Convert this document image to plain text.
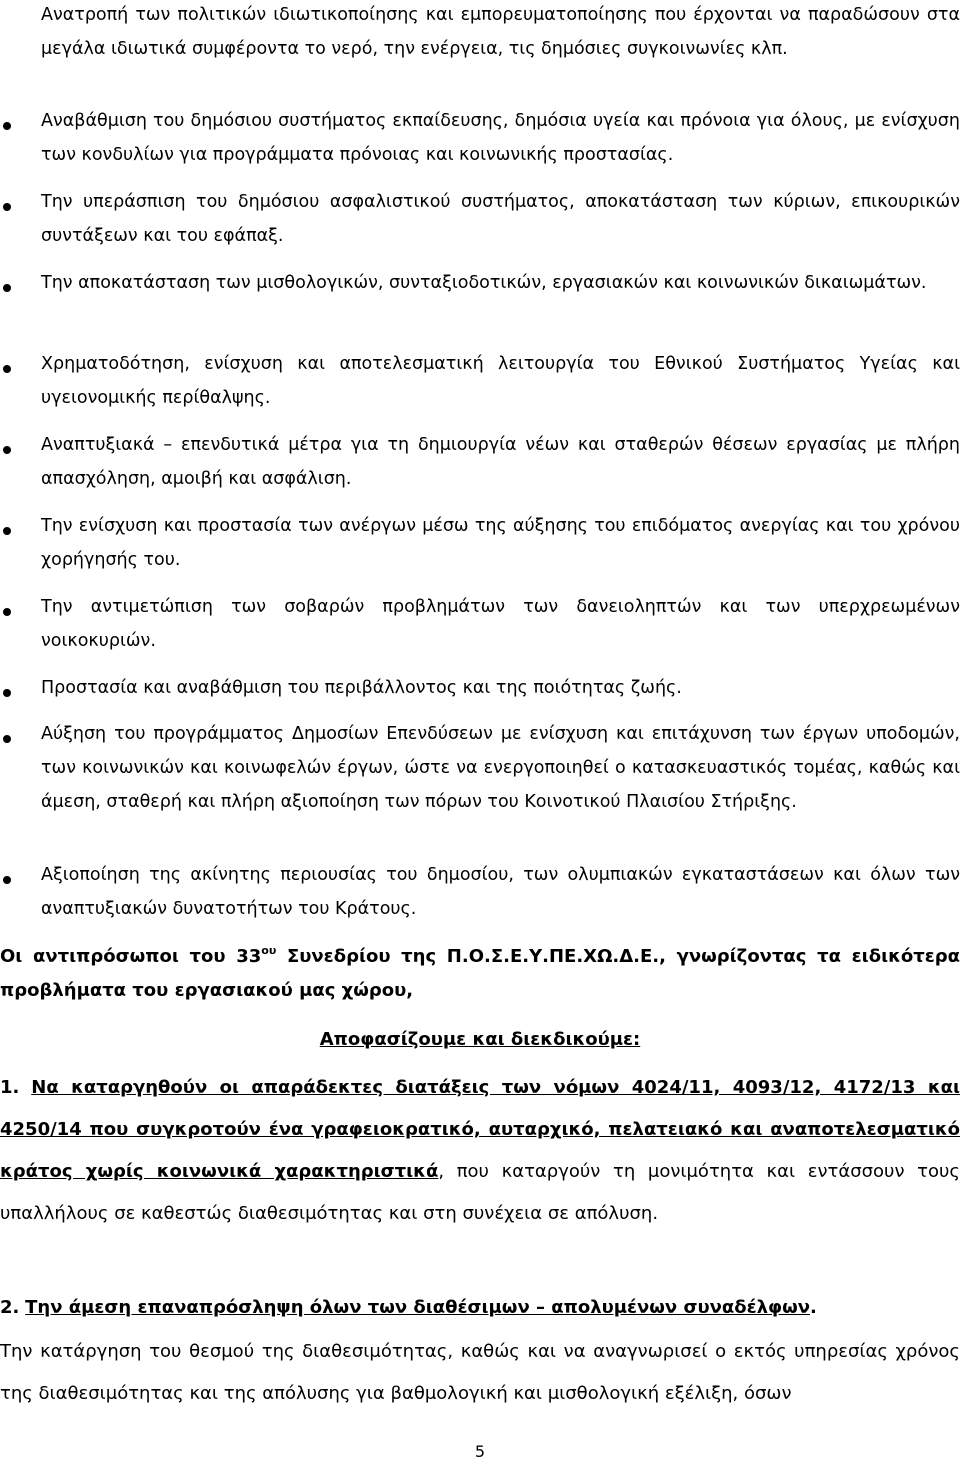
Ανατροπή των πολιτικών ιδιωτικοποίησης και εμπορευματοποίησης που έρχονται να παραδώσουν στα μεγάλα ιδιωτικά συμφέροντα το νερό, την ενέργεια, τις δημόσιες συγκοινωνίες κλπ.
Αναβάθμιση του δημόσιου συστήματος εκπαίδευσης, δημόσια υγεία και πρόνοια για όλους, με ενίσχυση των κονδυλίων για προγράμματα πρόνοιας και κοινωνικής προστασίας.
Την υπεράσπιση του δημόσιου ασφαλιστικού συστήματος, αποκατάσταση των κύριων, επικουρικών συντάξεων και του εφάπαξ.
Την αποκατάσταση των μισθολογικών, συνταξιοδοτικών, εργασιακών και κοινωνικών δικαιωμάτων.
Χρηματοδότηση, ενίσχυση και αποτελεσματική λειτουργία του Εθνικού Συστήματος Υγείας και υγειονομικής περίθαλψης.
Αναπτυξιακά – επενδυτικά μέτρα για τη δημιουργία νέων και σταθερών θέσεων εργασίας με πλήρη απασχόληση, αμοιβή και ασφάλιση.
Την ενίσχυση και προστασία των ανέργων μέσω της αύξησης του επιδόματος ανεργίας και του χρόνου χορήγησής του.
Την αντιμετώπιση των σοβαρών προβλημάτων των δανειοληπτών και των υπερχρεωμένων νοικοκυριών.
Προστασία και αναβάθμιση του περιβάλλοντος και της ποιότητας ζωής.
Αύξηση του προγράμματος Δημοσίων Επενδύσεων με ενίσχυση και επιτάχυνση των έργων υποδομών, των κοινωνικών και κοινωφελών έργων, ώστε να ενεργοποιηθεί ο κατασκευαστικός τομέας, καθώς και άμεση, σταθερή και πλήρη αξιοποίηση των πόρων του Κοινοτικού Πλαισίου Στήριξης.
Αξιοποίηση της ακίνητης περιουσίας του δημοσίου, των ολυμπιακών εγκαταστάσεων και όλων των αναπτυξιακών δυνατοτήτων του Κράτους.
Οι αντιπρόσωποι του $33^{o\upsilon}$ Συνεδρίου της Π.Ο.Σ.Ε.Υ.ΠΕ.ΧΩ.Δ.Ε., γνωρίζοντας τα ειδικότερα προβλήματα του εργασιακού μας χώρου,
Αποφασίζουμε και διεκδικούμε:
1. Να καταργηθούν οι απαράδεκτες διατάξεις των νόμων 4024/11, 4093/12, 4172/13 και 4250/14 που συγκροτούν ένα γραφειοκρατικό, αυταρχικό, πελατειακό και αναποτελεσματικό κράτος χωρίς κοινωνικά χαρακτηριστικά, που καταργούν τη μονιμότητα και εντάσσουν τους υπαλλήλους σε καθεστώς διαθεσιμότητας και στη συνέχεια σε απόλυση.
2. Την άμεση επαναπρόσληψη όλων των διαθέσιμων – απολυμένων συναδέλφων.
Την κατάργηση του θεσμού της διαθεσιμότητας, καθώς και να αναγνωρισεί ο εκτός υπηρεσίας χρόνος της διαθεσιμότητας και της απόλυσης για βαθμολογική και μισθολογική εξέλιξη, όσων
5
